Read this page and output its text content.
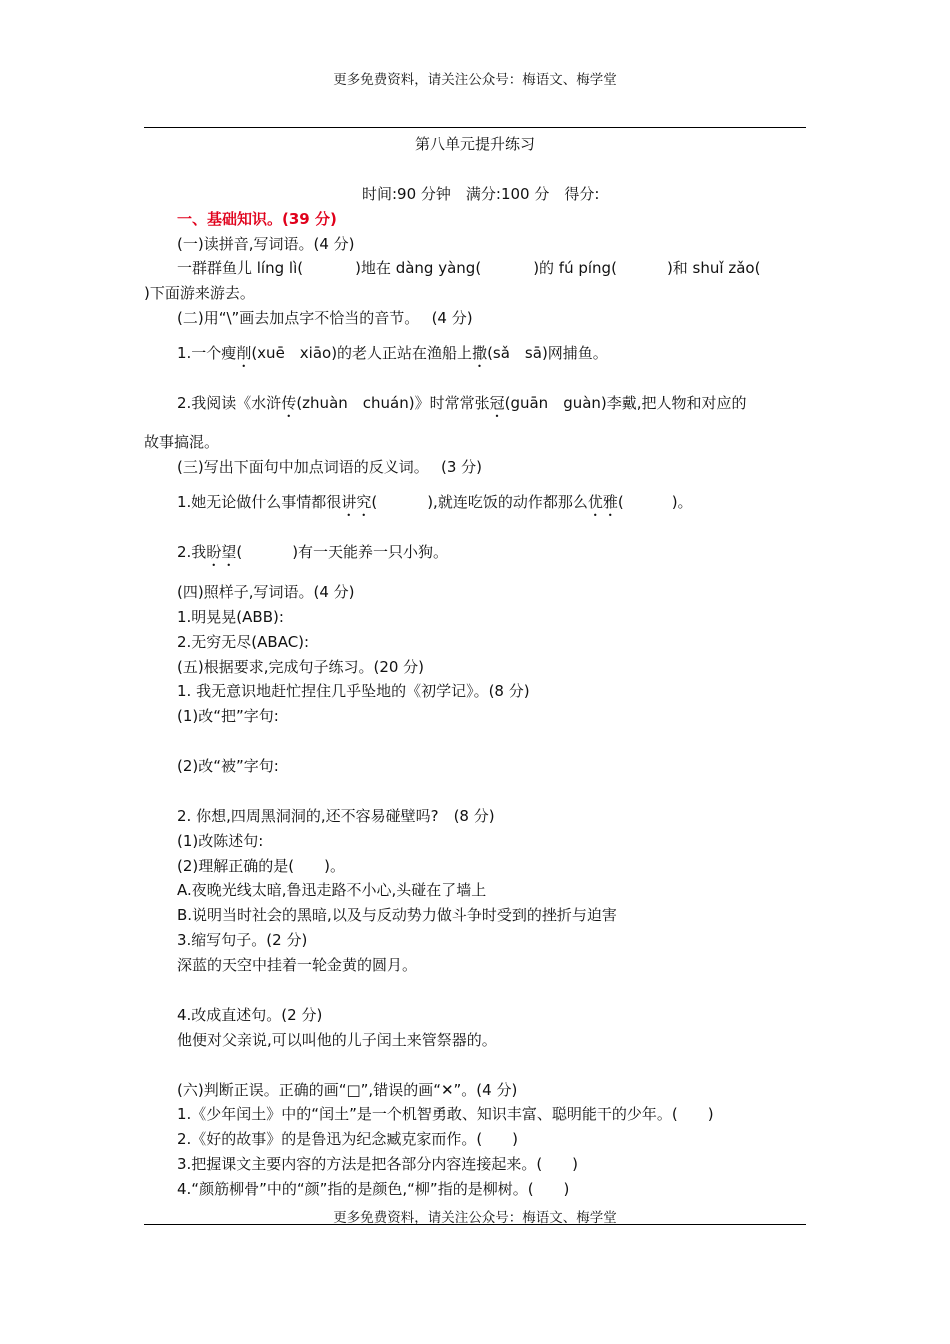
更多免费资料，请关注公众号：梅语文、梅学堂
第八单元提升练习
时间:90 分钟　满分:100 分　得分:
一、基础知识。(39 分)
(一)读拼音,写词语。(4 分)
一群群鱼儿 líng lì(	)地在 dàng yàng(	)的 fú píng(	)和 shuǐ zǎo(
)下面游来游去。
(二)用“\”画去加点字不恰当的音节。　 (4 分)
1.一个瘦削(xuē　xiāo)的老人正站在渔船上撒(sǎ　sā)网捕鱼。
2.我阅读《水浒传(zhuàn　chuán)》时常常张冠(guān　guàn)李戴,把人物和对应的
故事搞混。
(三)写出下面句中加点词语的反义词。　 (3 分)
1.她无论做什么事情都很讲究(	),就连吃饭的动作都那么优雅(	)。
2.我盼望(	)有一天能养一只小狗。
(四)照样子,写词语。(4 分)
1.明晃晃(ABB):
2.无穷无尽(ABAC):
(五)根据要求,完成句子练习。(20 分)
1. 我无意识地赶忙捏住几乎坠地的《初学记》。(8 分)
(1)改“把”字句:
(2)改“被”字句:
2. 你想,四周黑洞洞的,还不容易碰壁吗?　(8 分)
(1)改陈述句:
(2)理解正确的是(　　)。
A.夜晚光线太暗,鲁迅走路不小心,头碰在了墙上
B.说明当时社会的黑暗,以及与反动势力做斗争时受到的挫折与迫害
3.缩写句子。(2 分)
深蓝的天空中挂着一轮金黄的圆月。
4.改成直述句。(2 分)
他便对父亲说,可以叫他的儿子闰土来管祭器的。
(六)判断正误。正确的画“□”,错误的画“✕”。(4 分)
1.《少年闰土》中的“闰土”是一个机智勇敢、知识丰富、聪明能干的少年。(　　)
2.《好的故事》的是鲁迅为纪念臧克家而作。(　　)
3.把握课文主要内容的方法是把各部分内容连接起来。(　　)
4.“颜筋柳骨”中的“颜”指的是颜色,“柳”指的是柳树。(　　)
更多免费资料，请关注公众号：梅语文、梅学堂
